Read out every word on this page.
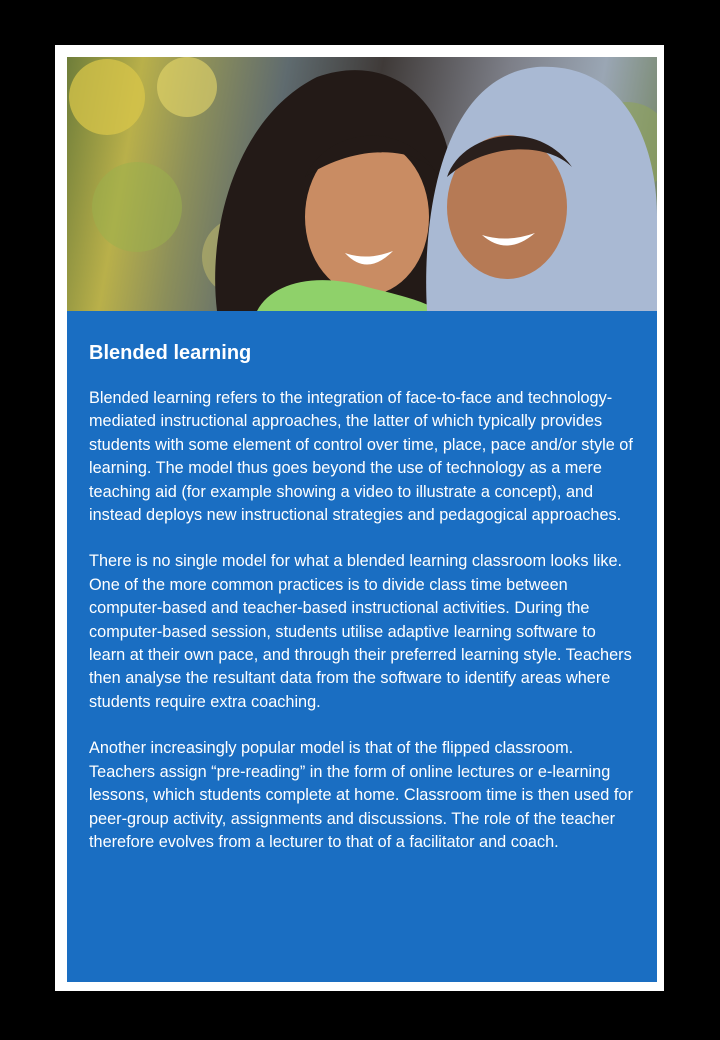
Blended learning

Blended learning refers to the integration of face-to-face and technology-mediated instructional approaches, the latter of which typically provides students with some element of control over time, place, pace and/or style of learning. The model thus goes beyond the use of technology as a mere teaching aid (for example showing a video to illustrate a concept), and instead deploys new instructional strategies and pedagogical approaches.

There is no single model for what a blended learning classroom looks like. One of the more common practices is to divide class time between computer-based and teacher-based instructional activities. During the computer-based session, students utilise adaptive learning software to learn at their own pace, and through their preferred learning style. Teachers then analyse the resultant data from the software to identify areas where students require extra coaching.

Another increasingly popular model is that of the flipped classroom. Teachers assign “pre-reading” in the form of online lectures or e-learning lessons, which students complete at home. Classroom time is then used for peer-group activity, assignments and discussions. The role of the teacher therefore evolves from a lecturer to that of a facilitator and coach.
